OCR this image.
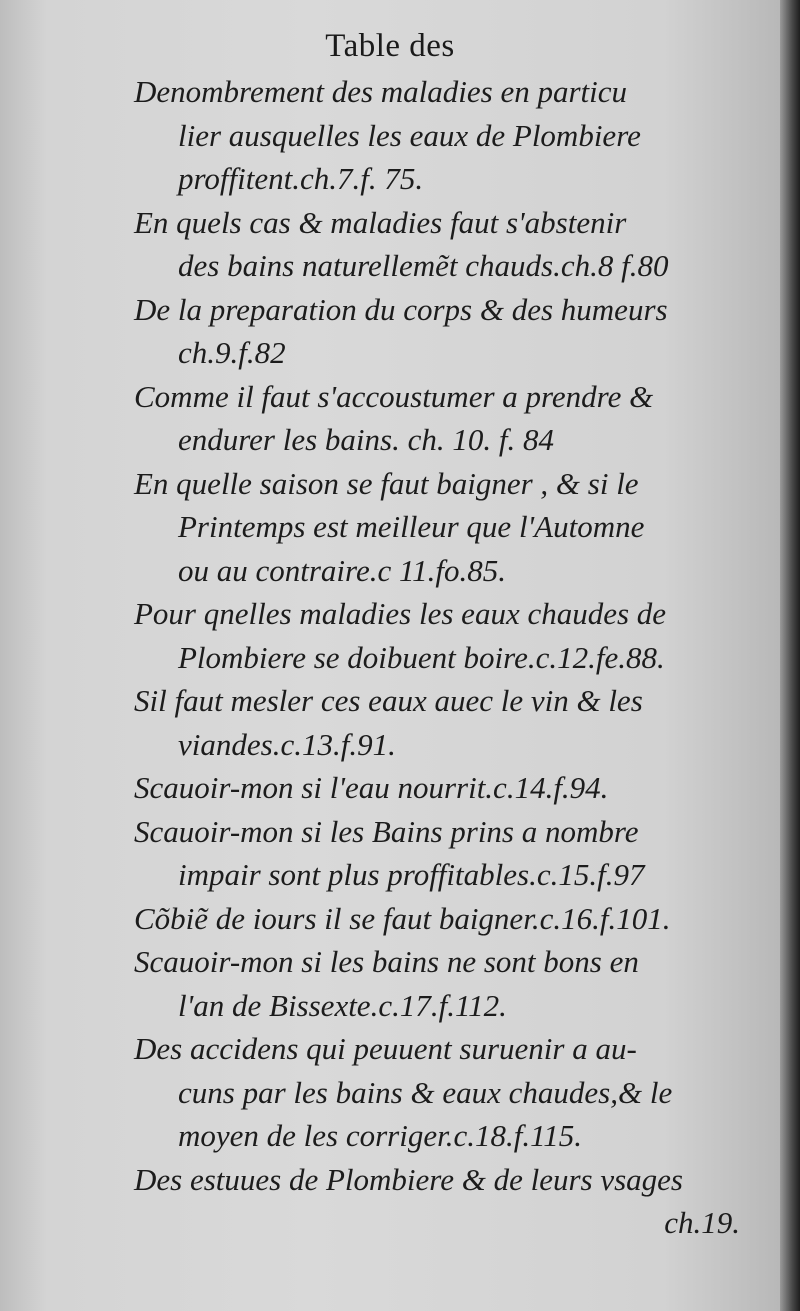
Table des
Denombrement des maladies en particu
lier ausquelles les eaux de Plombiere
proffitent.ch.7.f. 75.
En quels cas & maladies faut s'abstenir
des bains naturellemẽt chauds.ch.8 f.80
De la preparation du corps & des humeurs
ch.9.f.82
Comme il faut s'accoustumer a prendre &
endurer les bains. ch. 10. f. 84
En quelle saison se faut baigner , & si le
Printemps est meilleur que l'Automne
ou au contraire.c 11.fo.85.
Pour qnelles maladies les eaux chaudes de
Plombiere se doibuent boire.c.12.fe.88.
Sil faut mesler ces eaux auec le vin & les
viandes.c.13.f.91.
Scauoir-mon si l'eau nourrit.c.14.f.94.
Scauoir-mon si les Bains prins a nombre
impair sont plus proffitables.c.15.f.97
Cõbiẽ de iours il se faut baigner.c.16.f.101.
Scauoir-mon si les bains ne sont bons en
l'an de Bissexte.c.17.f.112.
Des accidens qui peuuent suruenir a au-
cuns par les bains & eaux chaudes,& le
moyen de les corriger.c.18.f.115.
Des estuues de Plombiere & de leurs vsages
ch.19.
